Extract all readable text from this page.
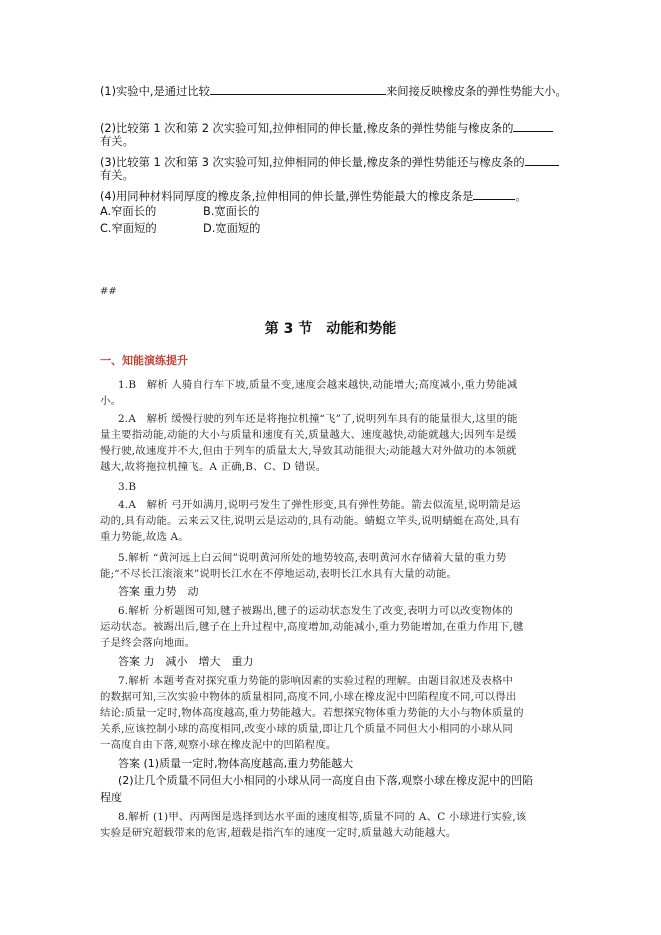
(1)实验中,是通过比较	来间接反映橡皮条的弹性势能大小。
(2)比较第 1 次和第 2 次实验可知,拉伸相同的伸长量,橡皮条的弹性势能与橡皮条的
有关。
(3)比较第 1 次和第 3 次实验可知,拉伸相同的伸长量,橡皮条的弹性势能还与橡皮条的
有关。
(4)用同种材料同厚度的橡皮条,拉伸相同的伸长量,弹性势能最大的橡皮条是	。
A.窄面长的	B.宽面长的
C.窄面短的	D.宽面短的
##
第 3 节　动能和势能
一、知能演练提升
1.B　解析 人骑自行车下坡,质量不变,速度会越来越快,动能增大;高度减小,重力势能减
小。
2.A　解析 缓慢行驶的列车还是将拖拉机撞“飞”了,说明列车具有的能量很大,这里的能
量主要指动能,动能的大小与质量和速度有关,质量越大、速度越快,动能就越大;因列车是缓
慢行驶,故速度并不大,但由于列车的质量太大,导致其动能很大;动能越大对外做功的本领就
越大,故将拖拉机撞飞。A 正确,B、C、D 错误。
3.B
4.A　解析 弓开如满月,说明弓发生了弹性形变,具有弹性势能。箭去似流星,说明箭是运
动的,具有动能。云来云又往,说明云是运动的,具有动能。蜻蜓立竿头,说明蜻蜓在高处,具有
重力势能,故选 A。
5.解析 “黄河远上白云间”说明黄河所处的地势较高,表明黄河水存储着大量的重力势
能;“不尽长江滚滚来”说明长江水在不停地运动,表明长江水具有大量的动能。
答案 重力势　动
6.解析 分析题图可知,毽子被踢出,毽子的运动状态发生了改变,表明力可以改变物体的
运动状态。被踢出后,毽子在上升过程中,高度增加,动能减小,重力势能增加,在重力作用下,毽
子是终会落向地面。
答案 力　减小　增大　重力
7.解析 本题考查对探究重力势能的影响因素的实验过程的理解。由题目叙述及表格中
的数据可知,三次实验中物体的质量相同,高度不同,小球在橡皮泥中凹陷程度不同,可以得出
结论:质量一定时,物体高度越高,重力势能越大。若想探究物体重力势能的大小与物体质量的
关系,应该控制小球的高度相同,改变小球的质量,即让几个质量不同但大小相同的小球从同
一高度自由下落,观察小球在橡皮泥中的凹陷程度。
答案 (1)质量一定时,物体高度越高,重力势能越大
(2)让几个质量不同但大小相同的小球从同一高度自由下落,观察小球在橡皮泥中的凹陷
程度
8.解析 (1)甲、丙两图是选择到达水平面的速度相等,质量不同的 A、C 小球进行实验,该
实验是研究超载带来的危害,超载是指汽车的速度一定时,质量越大动能越大。
